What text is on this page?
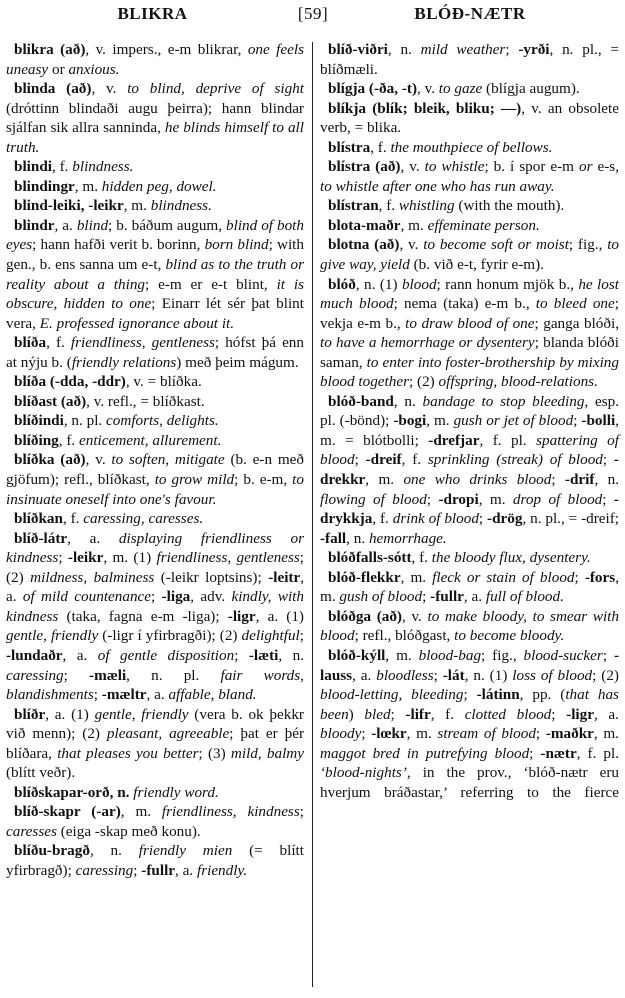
BLIKRA	[59]	BLÓÐ-NÆTR

blikra (að), v. impers., e-m blikrar, one feels uneasy or anxious.

blinda (að), v. to blind, deprive of sight (dróttinn blindaði augu þeirra); hann blindar sjálfan sik allra sanninda, he blinds himself to all truth.

blindi, f. blindness.

blindingr, m. hidden peg, dowel.

blind-leiki, -leikr, m. blindness.

blindr, a. blind; b. báðum augum, blind of both eyes; hann hafði verit b. borinn, born blind; with gen., b. ens sanna um e-t, blind as to the truth or reality about a thing; e-m er e-t blint, it is obscure, hidden to one; Einarr lét sér þat blint vera, E. professed ignorance about it.

blíða, f. friendliness, gentleness; hófst þá enn at nýju b. (friendly relations) með þeim mágum.

blíða (-dda, -ddr), v. = blíðka.

blíðast (að), v. refl., = blíðkast.

blíðindi, n. pl. comforts, delights.

blíðing, f. enticement, allurement.

blíðka (að), v. to soften, mitigate (b. e-n með gjöfum); refl., blíðkast, to grow mild; b. e-m, to insinuate oneself into one's favour.

blíðkan, f. caressing, caresses.

blíð-látr, a. displaying friendliness or kindness; -leikr, m. (1) friendliness, gentleness; (2) mildness, balminess (-leikr loptsins); -leitr, a. of mild countenance; -liga, adv. kindly, with kindness (taka, fagna e-m -liga); -ligr, a. (1) gentle, friendly (-ligr í yfirbragði); (2) delightful; -lundaðr, a. of gentle disposition; -læti, n. caressing; -mæli, n. pl. fair words, blandishments; -mæltr, a. affable, bland.

blíðr, a. (1) gentle, friendly (vera b. ok þekkr við menn); (2) pleasant, agreeable; þat er þér blíðara, that pleases you better; (3) mild, balmy (blítt veðr).

blíðskapar-orð, n. friendly word.

blíð-skapr (-ar), m. friendliness, kindness; caresses (eiga -skap með konu).

blíðu-bragð, n. friendly mien (= blítt yfirbragð); caressing; -fullr, a. friendly.

blíð-viðri, n. mild weather; -yrði, n. pl., = blíðmæli.

blígja (-ða, -t), v. to gaze (blígja augum).

blíkja (blík; bleik, bliku; —), v. an obsolete verb, = blika.

blístra, f. the mouthpiece of bellows.

blístra (að), v. to whistle; b. í spor e-m or e-s, to whistle after one who has run away.

blístran, f. whistling (with the mouth).

blota-maðr, m. effeminate person.

blotna (að), v. to become soft or moist; fig., to give way, yield (b. við e-t, fyrir e-m).

blóð, n. (1) blood; rann honum mjök b., he lost much blood; nema (taka) e-m b., to bleed one; vekja e-m b., to draw blood of one; ganga blóði, to have a hemorrhage or dysentery; blanda blóði saman, to enter into foster-brothership by mixing blood together; (2) offspring, blood-relations.

blóð-band, n. bandage to stop bleeding, esp. pl. (-bönd); -bogi, m. gush or jet of blood; -bolli, m. = blótbolli; -drefjar, f. pl. spattering of blood; -dreif, f. sprinkling (streak) of blood; -drekkr, m. one who drinks blood; -drif, n. flowing of blood; -dropi, m. drop of blood; -drykkja, f. drink of blood; -drög, n. pl., = -dreif; -fall, n. hemorrhage.

blóðfalls-sótt, f. the bloody flux, dysentery.

blóð-flekkr, m. fleck or stain of blood; -fors, m. gush of blood; -fullr, a. full of blood.

blóðga (að), v. to make bloody, to smear with blood; refl., blóðgast, to become bloody.

blóð-kýll, m. blood-bag; fig., blood-sucker; -lauss, a. bloodless; -lát, n. (1) loss of blood; (2) blood-letting, bleeding; -látinn, pp. (that has been) bled; -lifr, f. clotted blood; -ligr, a. bloody; -lœkr, m. stream of blood; -maðkr, m. maggot bred in putrefying blood; -nætr, f. pl. ‘blood-nights’, in the prov., ‘blóð-nætr eru hverjum bráðastar,’ referring to the fierce
